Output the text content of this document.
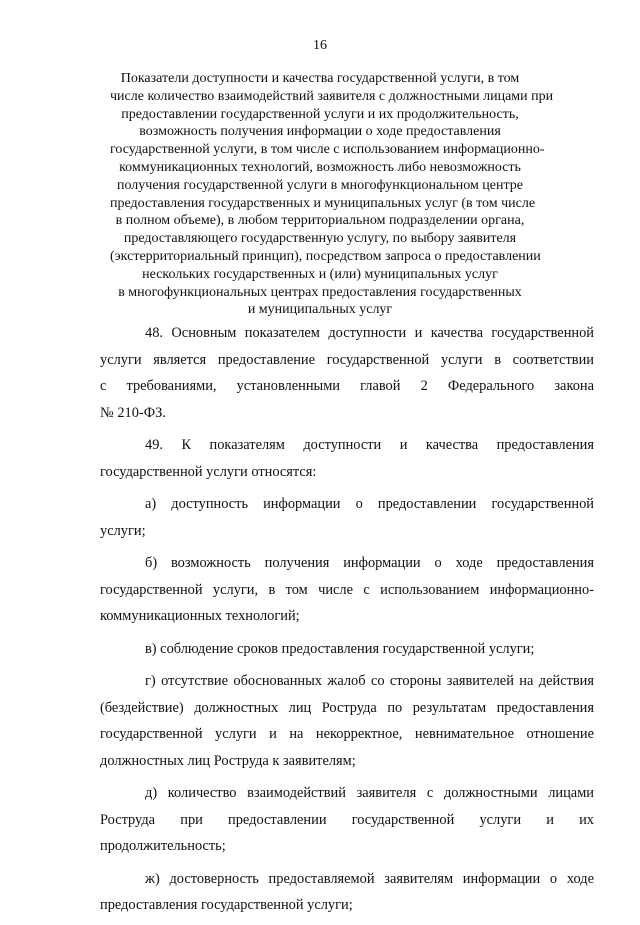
16
Показатели доступности и качества государственной услуги, в том
числе количество взаимодействий заявителя с должностными лицами при
предоставлении государственной услуги и их продолжительность,
возможность получения информации о ходе предоставления
государственной услуги, в том числе с использованием информационно-
коммуникационных технологий, возможность либо невозможность
получения государственной услуги в многофункциональном центре
предоставления государственных и муниципальных услуг (в том числе
в полном объеме), в любом территориальном подразделении органа,
предоставляющего государственную услугу, по выбору заявителя
(экстерриториальный принцип), посредством запроса о предоставлении
нескольких государственных и (или) муниципальных услуг
в многофункциональных центрах предоставления государственных
и муниципальных услуг
48. Основным показателем доступности и качества государственной
услуги является предоставление государственной услуги в соответствии
с требованиями, установленными главой 2 Федерального закона
№ 210-ФЗ.
49. К показателям доступности и качества предоставления
государственной услуги относятся:
а) доступность информации о предоставлении государственной
услуги;
б) возможность получения информации о ходе предоставления
государственной услуги, в том числе с использованием информационно-
коммуникационных технологий;
в) соблюдение сроков предоставления государственной услуги;
г) отсутствие обоснованных жалоб со стороны заявителей на действия
(бездействие) должностных лиц Роструда по результатам предоставления
государственной услуги и на некорректное, невнимательное отношение
должностных лиц Роструда к заявителям;
д) количество взаимодействий заявителя с должностными лицами
Роструда при предоставлении государственной услуги и их
продолжительность;
ж) достоверность предоставляемой заявителям информации о ходе
предоставления государственной услуги;
